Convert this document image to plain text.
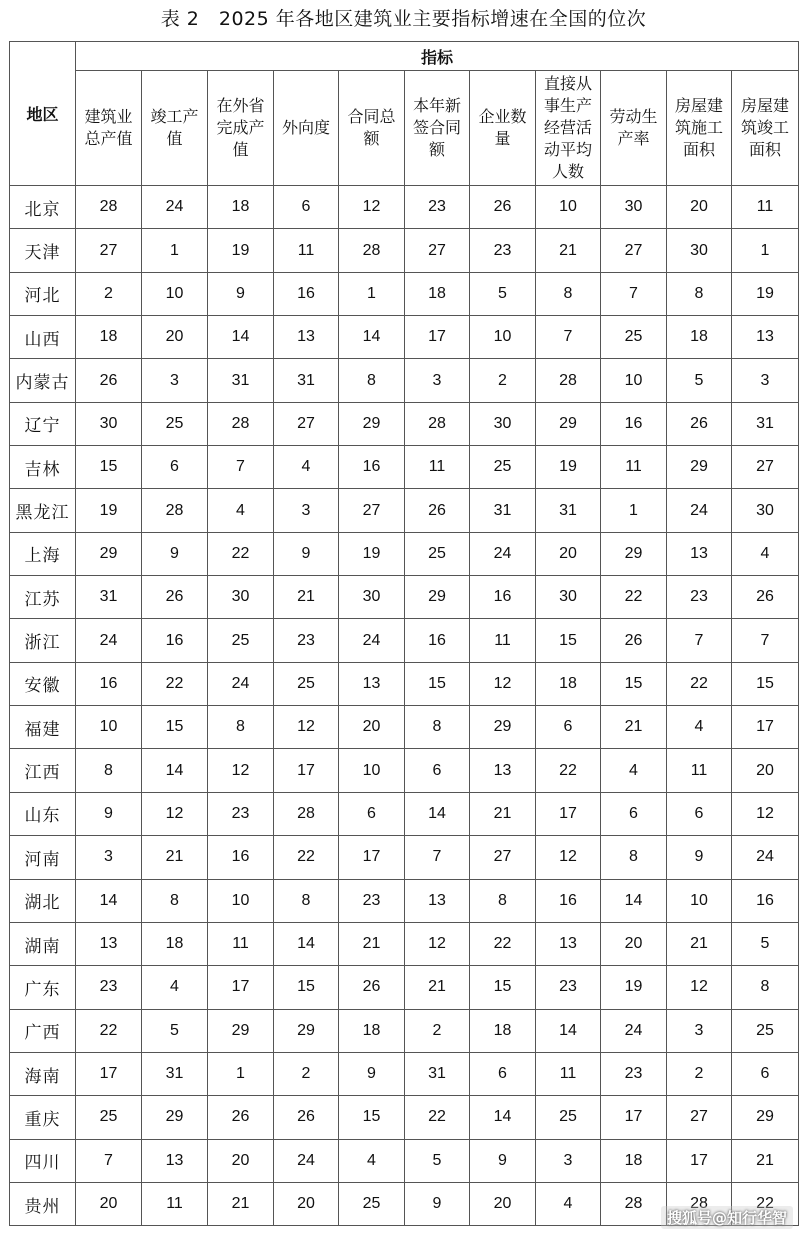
表 2　2025 年各地区建筑业主要指标增速在全国的位次
地区	指标										
	建筑业总产值	竣工产值	在外省完成产值	外向度	合同总额	本年新签合同额	企业数量	直接从事生产经营活动平均人数	劳动生产率	房屋建筑施工面积	房屋建筑竣工面积
北京	28	24	18	6	12	23	26	10	30	20	11
天津	27	1	19	11	28	27	23	21	27	30	1
河北	2	10	9	16	1	18	5	8	7	8	19
山西	18	20	14	13	14	17	10	7	25	18	13
内蒙古	26	3	31	31	8	3	2	28	10	5	3
辽宁	30	25	28	27	29	28	30	29	16	26	31
吉林	15	6	7	4	16	11	25	19	11	29	27
黑龙江	19	28	4	3	27	26	31	31	1	24	30
上海	29	9	22	9	19	25	24	20	29	13	4
江苏	31	26	30	21	30	29	16	30	22	23	26
浙江	24	16	25	23	24	16	11	15	26	7	7
安徽	16	22	24	25	13	15	12	18	15	22	15
福建	10	15	8	12	20	8	29	6	21	4	17
江西	8	14	12	17	10	6	13	22	4	11	20
山东	9	12	23	28	6	14	21	17	6	6	12
河南	3	21	16	22	17	7	27	12	8	9	24
湖北	14	8	10	8	23	13	8	16	14	10	16
湖南	13	18	11	14	21	12	22	13	20	21	5
广东	23	4	17	15	26	21	15	23	19	12	8
广西	22	5	29	29	18	2	18	14	24	3	25
海南	17	31	1	2	9	31	6	11	23	2	6
重庆	25	29	26	26	15	22	14	25	17	27	29
四川	7	13	20	24	4	5	9	3	18	17	21
贵州	20	11	21	20	25	9	20	4	28	28	22
搜狐号@知行华智
